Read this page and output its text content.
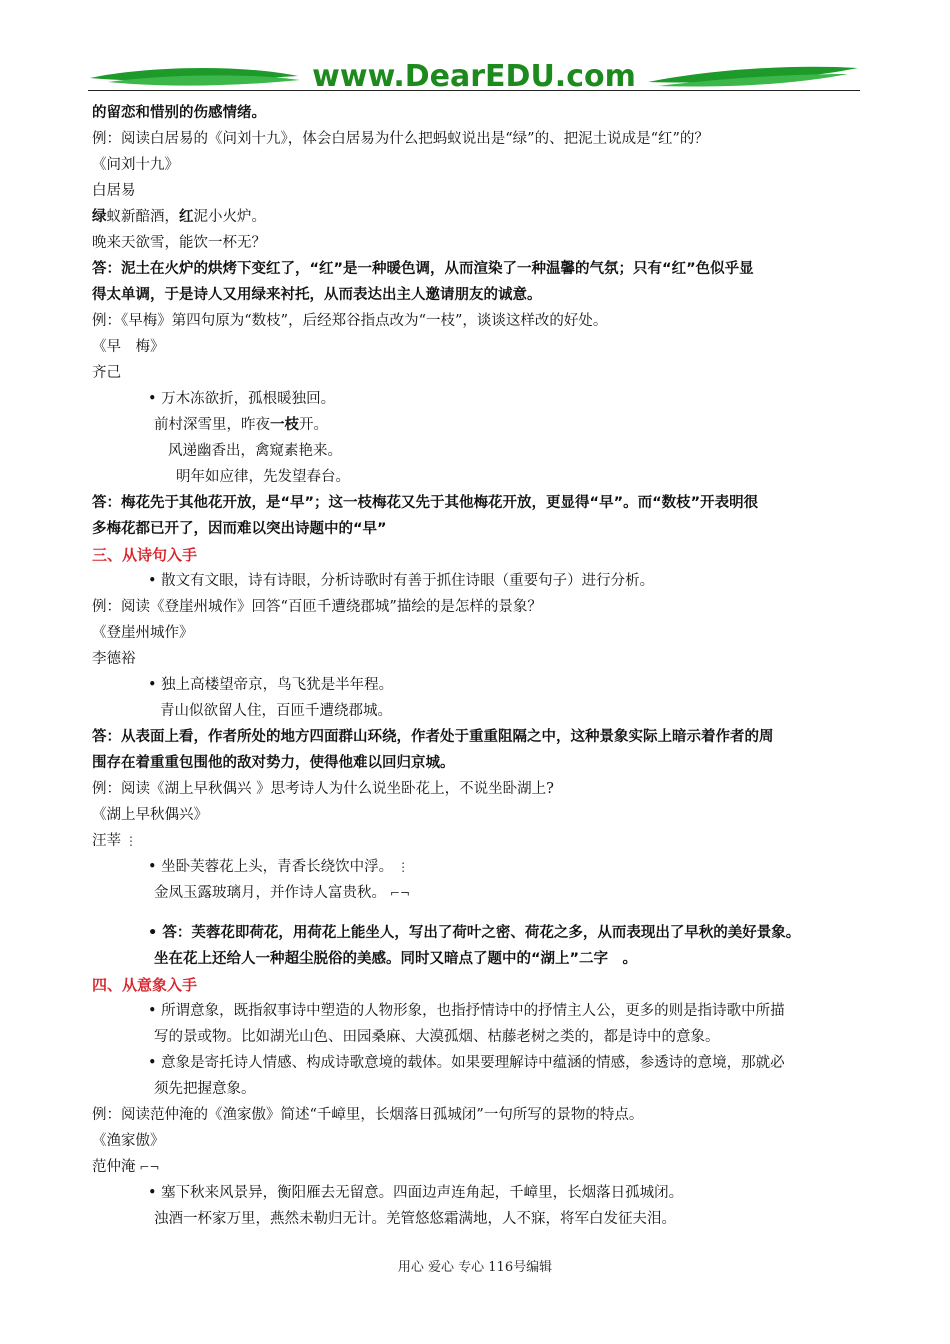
www.DearEDU.com
的留恋和惜别的伤感情绪。
例：阅读白居易的《问刘十九》，体会白居易为什么把蚂蚁说出是“绿”的、把泥土说成是“红”的？
《问刘十九》
白居易
绿蚁新醅酒，红泥小火炉。
晚来天欲雪，能饮一杯无？
答：泥土在火炉的烘烤下变红了，“红”是一种暖色调，从而渲染了一种温馨的气氛；只有“红”色似乎显
得太单调，于是诗人又用绿来衬托，从而表达出主人邀请朋友的诚意。
例：《早梅》第四句原为“数枝”，后经郑谷指点改为“一枝”，谈谈这样改的好处。
《早　梅》
齐己
• 万木冻欲折，孤根暖独回。
前村深雪里，昨夜一枝开。
风递幽香出，禽窥素艳来。
明年如应律，先发望春台。
答：梅花先于其他花开放，是“早”；这一枝梅花又先于其他梅花开放，更显得“早”。而“数枝”开表明很
多梅花都已开了，因而难以突出诗题中的“早”
三、从诗句入手
• 散文有文眼，诗有诗眼，分析诗歌时有善于抓住诗眼（重要句子）进行分析。
例：阅读《登崖州城作》回答“百匝千遭绕郡城”描绘的是怎样的景象？
《登崖州城作》
李德裕
• 独上高楼望帝京，鸟飞犹是半年程。
青山似欲留人住，百匝千遭绕郡城。
答：从表面上看，作者所处的地方四面群山环绕，作者处于重重阻隔之中，这种景象实际上暗示着作者的周
围存在着重重包围他的敌对势力，使得他难以回归京城。
例：阅读《湖上早秋偶兴 》思考诗人为什么说坐卧花上，不说坐卧湖上?
《湖上早秋偶兴》
汪莘 ⋮
• 坐卧芙蓉花上头，青香长绕饮中浮。 ⋮
金凤玉露玻璃月，并作诗人富贵秋。 ⌐¬
• 答：芙蓉花即荷花，用荷花上能坐人，写出了荷叶之密、荷花之多，从而表现出了早秋的美好景象。
坐在花上还给人一种超尘脱俗的美感。同时又暗点了题中的“湖上”二字　。
四、从意象入手
• 所谓意象，既指叙事诗中塑造的人物形象，也指抒情诗中的抒情主人公，更多的则是指诗歌中所描
写的景或物。比如湖光山色、田园桑麻、大漠孤烟、枯藤老树之类的，都是诗中的意象。
• 意象是寄托诗人情感、构成诗歌意境的载体。如果要理解诗中蕴涵的情感，参透诗的意境，那就必
须先把握意象。
例：阅读范仲淹的《渔家傲》简述“千嶂里，长烟落日孤城闭”一句所写的景物的特点。
《渔家傲》
范仲淹 ⌐¬
• 塞下秋来风景异，衡阳雁去无留意。四面边声连角起，千嶂里，长烟落日孤城闭。
浊酒一杯家万里，燕然未勒归无计。羌管悠悠霜满地，人不寐，将军白发征夫泪。
用心 爱心 专心 116号编辑
